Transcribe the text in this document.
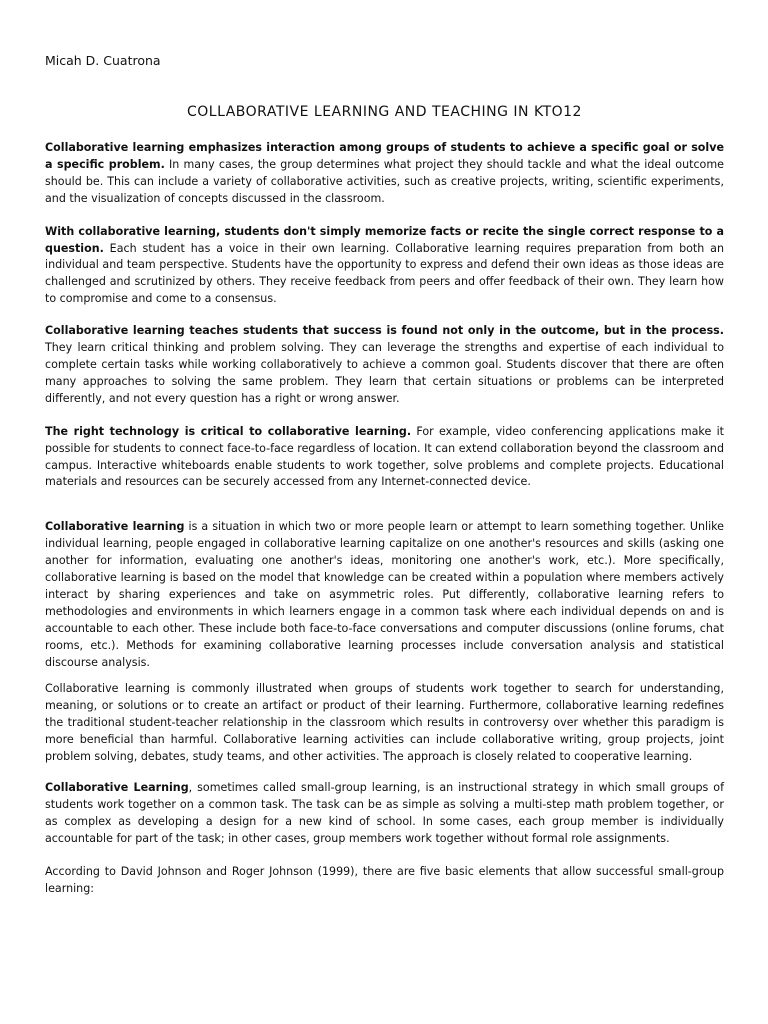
Micah D. Cuatrona
COLLABORATIVE LEARNING AND TEACHING IN KTO12

Collaborative learning emphasizes interaction among groups of students to achieve a specific goal or solve a specific problem. In many cases, the group determines what project they should tackle and what the ideal outcome should be. This can include a variety of collaborative activities, such as creative projects, writing, scientific experiments, and the visualization of concepts discussed in the classroom.

With collaborative learning, students don't simply memorize facts or recite the single correct response to a question. Each student has a voice in their own learning. Collaborative learning requires preparation from both an individual and team perspective. Students have the opportunity to express and defend their own ideas as those ideas are challenged and scrutinized by others. They receive feedback from peers and offer feedback of their own. They learn how to compromise and come to a consensus.

Collaborative learning teaches students that success is found not only in the outcome, but in the process. They learn critical thinking and problem solving. They can leverage the strengths and expertise of each individual to complete certain tasks while working collaboratively to achieve a common goal. Students discover that there are often many approaches to solving the same problem. They learn that certain situations or problems can be interpreted differently, and not every question has a right or wrong answer.

The right technology is critical to collaborative learning. For example, video conferencing applications make it possible for students to connect face-to-face regardless of location. It can extend collaboration beyond the classroom and campus. Interactive whiteboards enable students to work together, solve problems and complete projects. Educational materials and resources can be securely accessed from any Internet-connected device.

Collaborative learning is a situation in which two or more people learn or attempt to learn something together. Unlike individual learning, people engaged in collaborative learning capitalize on one another's resources and skills (asking one another for information, evaluating one another's ideas, monitoring one another's work, etc.). More specifically, collaborative learning is based on the model that knowledge can be created within a population where members actively interact by sharing experiences and take on asymmetric roles. Put differently, collaborative learning refers to methodologies and environments in which learners engage in a common task where each individual depends on and is accountable to each other. These include both face-to-face conversations and computer discussions (online forums, chat rooms, etc.). Methods for examining collaborative learning processes include conversation analysis and statistical discourse analysis.

Collaborative learning is commonly illustrated when groups of students work together to search for understanding, meaning, or solutions or to create an artifact or product of their learning. Furthermore, collaborative learning redefines the traditional student-teacher relationship in the classroom which results in controversy over whether this paradigm is more beneficial than harmful. Collaborative learning activities can include collaborative writing, group projects, joint problem solving, debates, study teams, and other activities. The approach is closely related to cooperative learning.

Collaborative Learning, sometimes called small-group learning, is an instructional strategy in which small groups of students work together on a common task. The task can be as simple as solving a multi-step math problem together, or as complex as developing a design for a new kind of school. In some cases, each group member is individually accountable for part of the task; in other cases, group members work together without formal role assignments.

According to David Johnson and Roger Johnson (1999), there are five basic elements that allow successful small-group learning:
